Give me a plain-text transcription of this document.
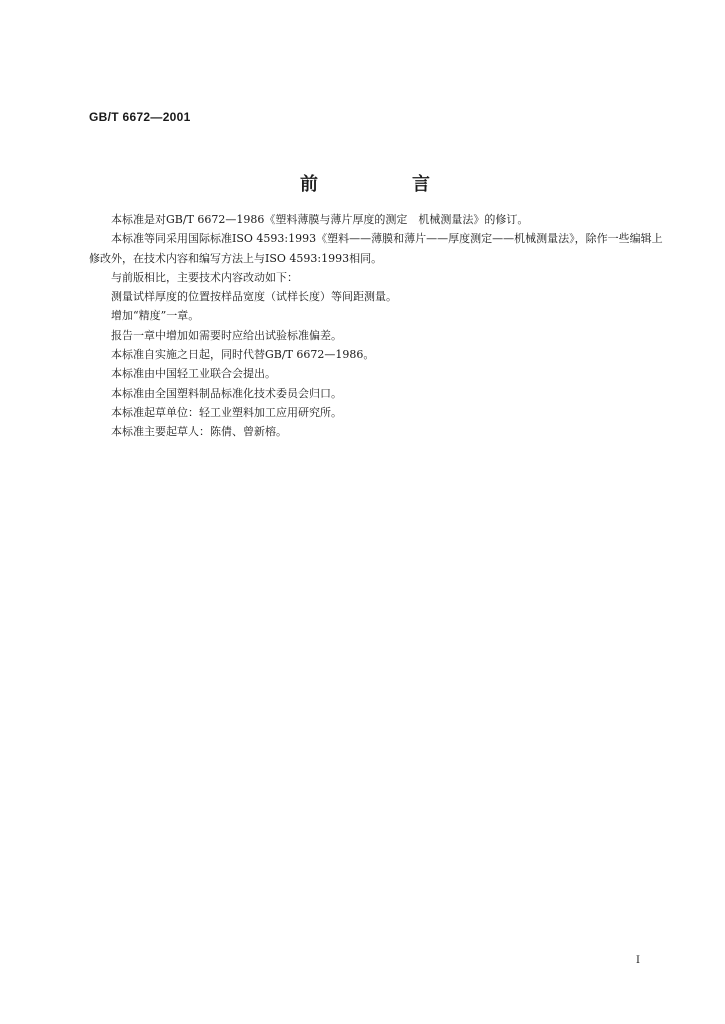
GB/T 6672—2001
前	言

本标准是对GB/T 6672—1986《塑料薄膜与薄片厚度的测定　机械测量法》的修订。

本标准等同采用国际标准ISO 4593:1993《塑料——薄膜和薄片——厚度测定——机械测量法》，除作一些编辑上修改外，在技术内容和编写方法上与ISO 4593:1993相同。

与前版相比，主要技术内容改动如下：

测量试样厚度的位置按样品宽度（试样长度）等间距测量。

增加“精度”一章。

报告一章中增加如需要时应给出试验标准偏差。

本标准自实施之日起，同时代替GB/T 6672—1986。

本标准由中国轻工业联合会提出。

本标准由全国塑料制品标准化技术委员会归口。

本标准起草单位：轻工业塑料加工应用研究所。

本标准主要起草人：陈倩、曾新榕。

I
